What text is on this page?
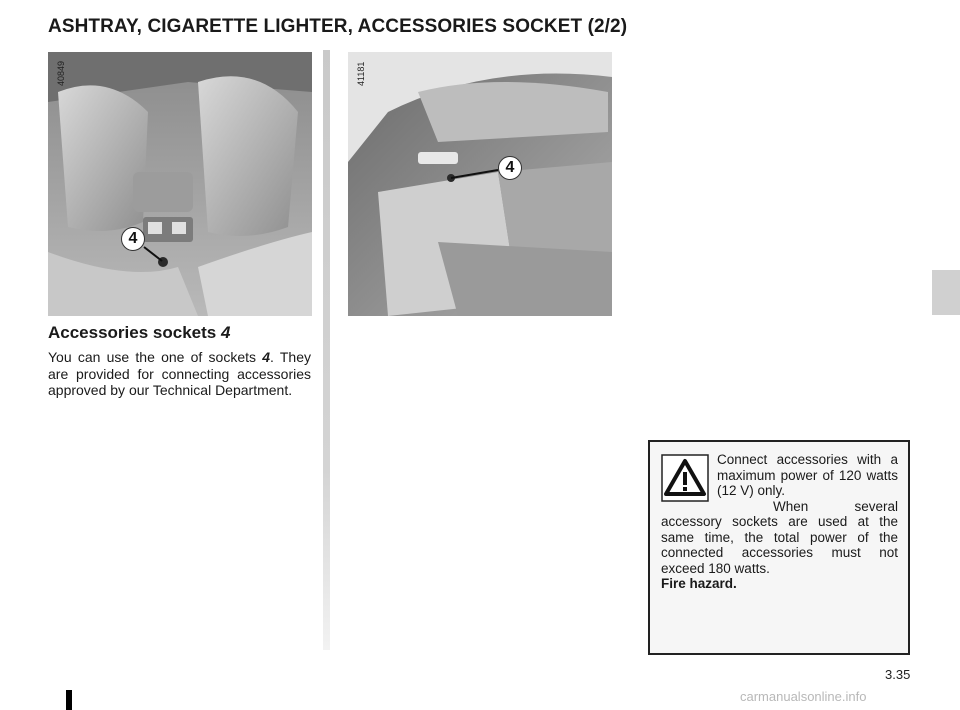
ASHTRAY, CIGARETTE LIGHTER, ACCESSORIES SOCKET (2/2)
4
40849
4
41181
Accessories sockets 4

You can use the one of sockets 4. They are provided for connecting accessories approved by our Technical Department.

Connect accessories with a maximum power of 120 watts (12 V) only.

When several accessory sockets are used at the same time, the total power of the connected accessories must not exceed 180 watts.

Fire hazard.

3.35
carmanualsonline.info
